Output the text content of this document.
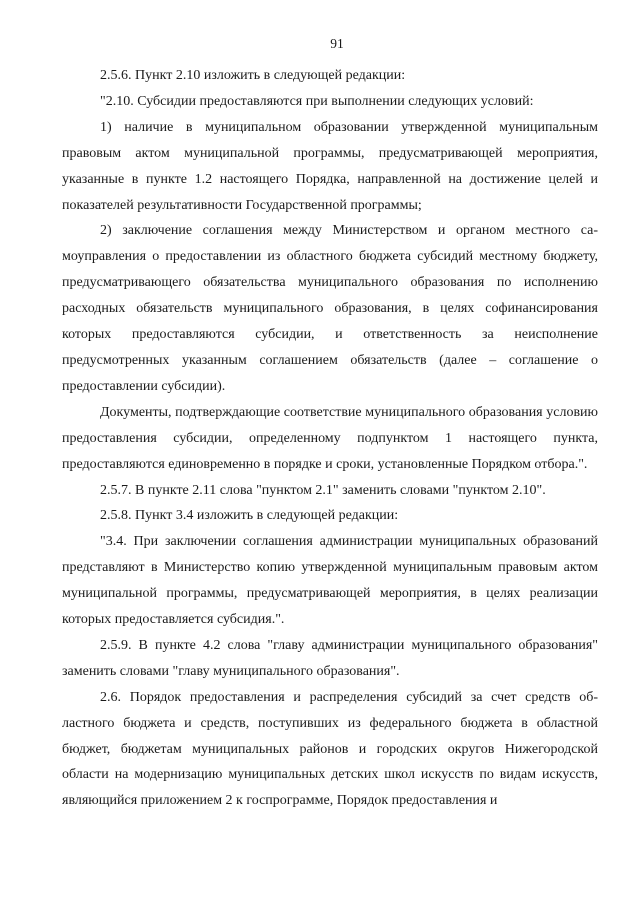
91

2.5.6. Пункт 2.10 изложить в следующей редакции:

"2.10. Субсидии предоставляются при выполнении следующих условий:

1) наличие в муниципальном образовании утвержденной муниципальным правовым актом муниципальной программы, предусматривающей мероприятия, указанные в пункте 1.2 настоящего Порядка, направленной на достижение целей и показателей результативности Государственной программы;

2) заключение соглашения между Министерством и органом местного самоуправления о предоставлении из областного бюджета субсидий местному бюджету, предусматривающего обязательства муниципального образования по исполнению расходных обязательств муниципального образования, в целях софинансирования которых предоставляются субсидии, и ответственность за неисполнение предусмотренных указанным соглашением обязательств (далее – соглашение о предоставлении субсидии).

Документы, подтверждающие соответствие муниципального образования условию предоставления субсидии, определенному подпунктом 1 настоящего пункта, предоставляются единовременно в порядке и сроки, установленные Порядком отбора.".

2.5.7. В пункте 2.11 слова "пунктом 2.1" заменить словами "пунктом 2.10".

2.5.8. Пункт 3.4 изложить в следующей редакции:

"3.4. При заключении соглашения администрации муниципальных образований представляют в Министерство копию утвержденной муниципальным правовым актом муниципальной программы, предусматривающей мероприятия, в целях реализации которых предоставляется субсидия.".

2.5.9. В пункте 4.2 слова "главу администрации муниципального образования" заменить словами "главу муниципального образования".

2.6. Порядок предоставления и распределения субсидий за счет средств областного бюджета и средств, поступивших из федерального бюджета в областной бюджет, бюджетам муниципальных районов и городских округов Нижегородской области на модернизацию муниципальных детских школ искусств по видам искусств, являющийся приложением 2 к госпрограмме, Порядок предоставления и
